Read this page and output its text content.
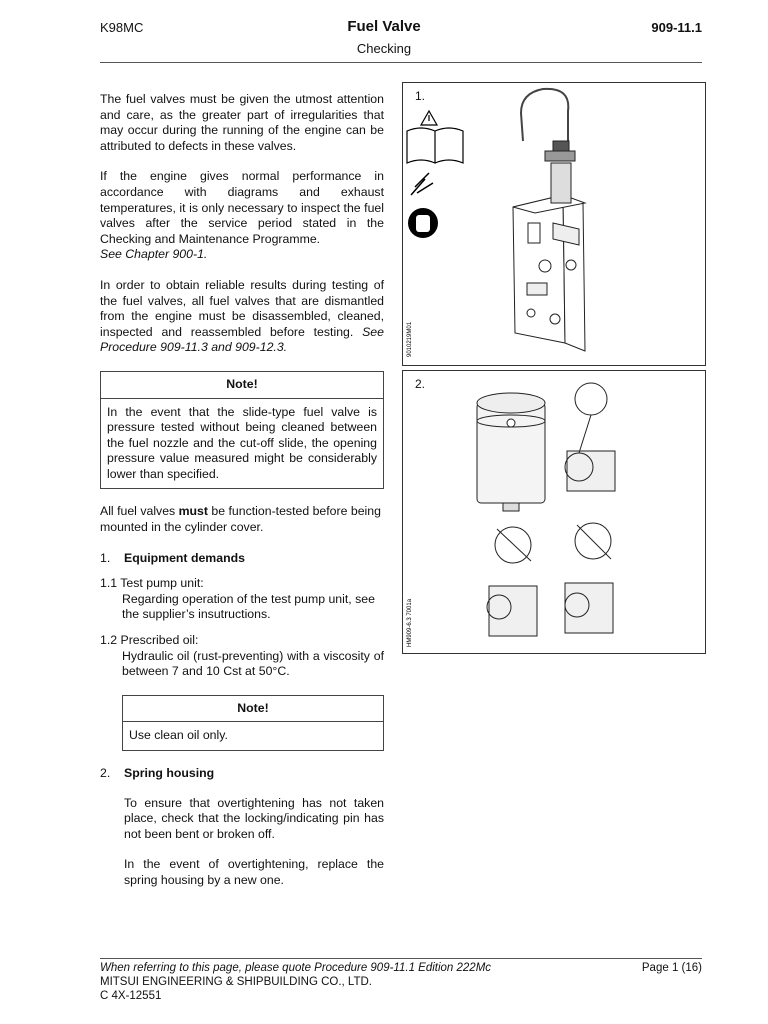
K98MC	Fuel Valve
Checking
909-11.1

The fuel valves must be given the utmost attention and care, as the greater part of irregularities that may occur during the running of the engine can be attributed to defects in these valves.

If the engine gives normal performance in accordance with diagrams and exhaust temperatures, it is only necessary to inspect the fuel valves after the service period stated in the Checking and Maintenance Programme.
See Chapter 900-1.

In order to obtain reliable results during testing of the fuel valves, all fuel valves that are dismantled from the engine must be disassembled, cleaned, inspected and reassembled before testing. See Procedure 909-11.3 and 909-12.3.

Note!
In the event that the slide-type fuel valve is pressure tested without being cleaned between the fuel nozzle and the cut-off slide, the opening pressure value measured might be considerably lower than specified.

All fuel valves must be function-tested before being mounted in the cylinder cover.

1.	Equipment demands
1.1 Test pump unit:
Regarding operation of the test pump unit, see the supplier’s insutructions.
1.2 Prescribed oil:
Hydraulic oil (rust-preventing) with a viscosity of between 7 and 10 Cst at 50°C.
Note!
Use clean oil only.
2.	Spring housing

To ensure that overtightening has not taken place, check that the locking/indicating pin has not been bent or broken off.

In the event of overtightening, replace the spring housing by a new one.

9010219M01
1.
HM909-6.3 7001a
2.
When referring to this page, please quote Procedure 909-11.1 Edition 222Mc	Page 1 (16)
MITSUI ENGINEERING & SHIPBUILDING CO., LTD.
C 4X-12551
